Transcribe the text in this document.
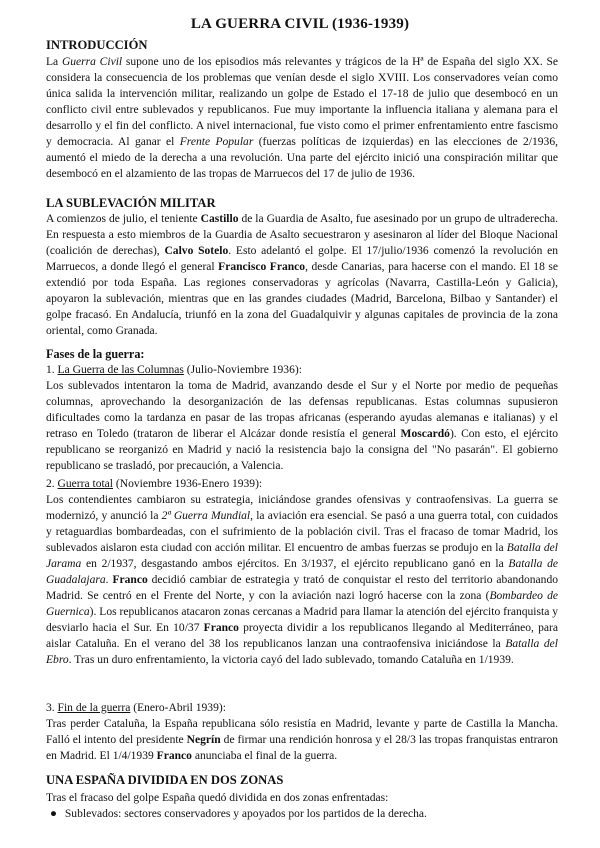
LA GUERRA CIVIL (1936-1939)
INTRODUCCIÓN
La Guerra Civil supone uno de los episodios más relevantes y trágicos de la Hª de España del siglo XX. Se considera la consecuencia de los problemas que venían desde el siglo XVIII. Los conservadores veían como única salida la intervención militar, realizando un golpe de Estado el 17-18 de julio que desembocó en un conflicto civil entre sublevados y republicanos. Fue muy importante la influencia italiana y alemana para el desarrollo y el fin del conflicto. A nivel internacional, fue visto como el primer enfrentamiento entre fascismo y democracia. Al ganar el Frente Popular (fuerzas políticas de izquierdas) en las elecciones de 2/1936, aumentó el miedo de la derecha a una revolución. Una parte del ejército inició una conspiración militar que desembocó en el alzamiento de las tropas de Marruecos del 17 de julio de 1936.
LA SUBLEVACIÓN MILITAR
A comienzos de julio, el teniente Castillo de la Guardia de Asalto, fue asesinado por un grupo de ultraderecha. En respuesta a esto miembros de la Guardia de Asalto secuestraron y asesinaron al líder del Bloque Nacional (coalición de derechas), Calvo Sotelo. Esto adelantó el golpe. El 17/julio/1936 comenzó la revolución en Marruecos, a donde llegó el general Francisco Franco, desde Canarias, para hacerse con el mando. El 18 se extendió por toda España. Las regiones conservadoras y agrícolas (Navarra, Castilla-León y Galicia), apoyaron la sublevación, mientras que en las grandes ciudades (Madrid, Barcelona, Bilbao y Santander) el golpe fracasó. En Andalucía, triunfó en la zona del Guadalquivir y algunas capitales de provincia de la zona oriental, como Granada.
Fases de la guerra:
1. La Guerra de las Columnas (Julio-Noviembre 1936):
Los sublevados intentaron la toma de Madrid, avanzando desde el Sur y el Norte por medio de pequeñas columnas, aprovechando la desorganización de las defensas republicanas. Estas columnas supusieron dificultades como la tardanza en pasar de las tropas africanas (esperando ayudas alemanas e italianas) y el retraso en Toledo (trataron de liberar el Alcázar donde resistía el general Moscardó). Con esto, el ejército republicano se reorganizó en Madrid y nació la resistencia bajo la consigna del "No pasarán". El gobierno republicano se trasladó, por precaución, a Valencia.
2. Guerra total (Noviembre 1936-Enero 1939):
Los contendientes cambiaron su estrategia, iniciándose grandes ofensivas y contraofensivas. La guerra se modernizó, y anunció la 2ª Guerra Mundial, la aviación era esencial. Se pasó a una guerra total, con cuidados y retaguardias bombardeadas, con el sufrimiento de la población civil. Tras el fracaso de tomar Madrid, los sublevados aislaron esta ciudad con acción militar. El encuentro de ambas fuerzas se produjo en la Batalla del Jarama en 2/1937, desgastando ambos ejércitos. En 3/1937, el ejército republicano ganó en la Batalla de Guadalajara. Franco decidió cambiar de estrategia y trató de conquistar el resto del territorio abandonando Madrid. Se centró en el Frente del Norte, y con la aviación nazi logró hacerse con la zona (Bombardeo de Guernica). Los republicanos atacaron zonas cercanas a Madrid para llamar la atención del ejército franquista y desviarlo hacia el Sur. En 10/37 Franco proyecta dividir a los republicanos llegando al Mediterráneo, para aislar Cataluña. En el verano del 38 los republicanos lanzan una contraofensiva iniciándose la Batalla del Ebro. Tras un duro enfrentamiento, la victoria cayó del lado sublevado, tomando Cataluña en 1/1939.
3. Fin de la guerra (Enero-Abril 1939):
Tras perder Cataluña, la España republicana sólo resistía en Madrid, levante y parte de Castilla la Mancha. Falló el intento del presidente Negrín de firmar una rendición honrosa y el 28/3 las tropas franquistas entraron en Madrid. El 1/4/1939 Franco anunciaba el final de la guerra.
UNA ESPAÑA DIVIDIDA EN DOS ZONAS
Tras el fracaso del golpe España quedó dividida en dos zonas enfrentadas:
● Sublevados: sectores conservadores y apoyados por los partidos de la derecha.
